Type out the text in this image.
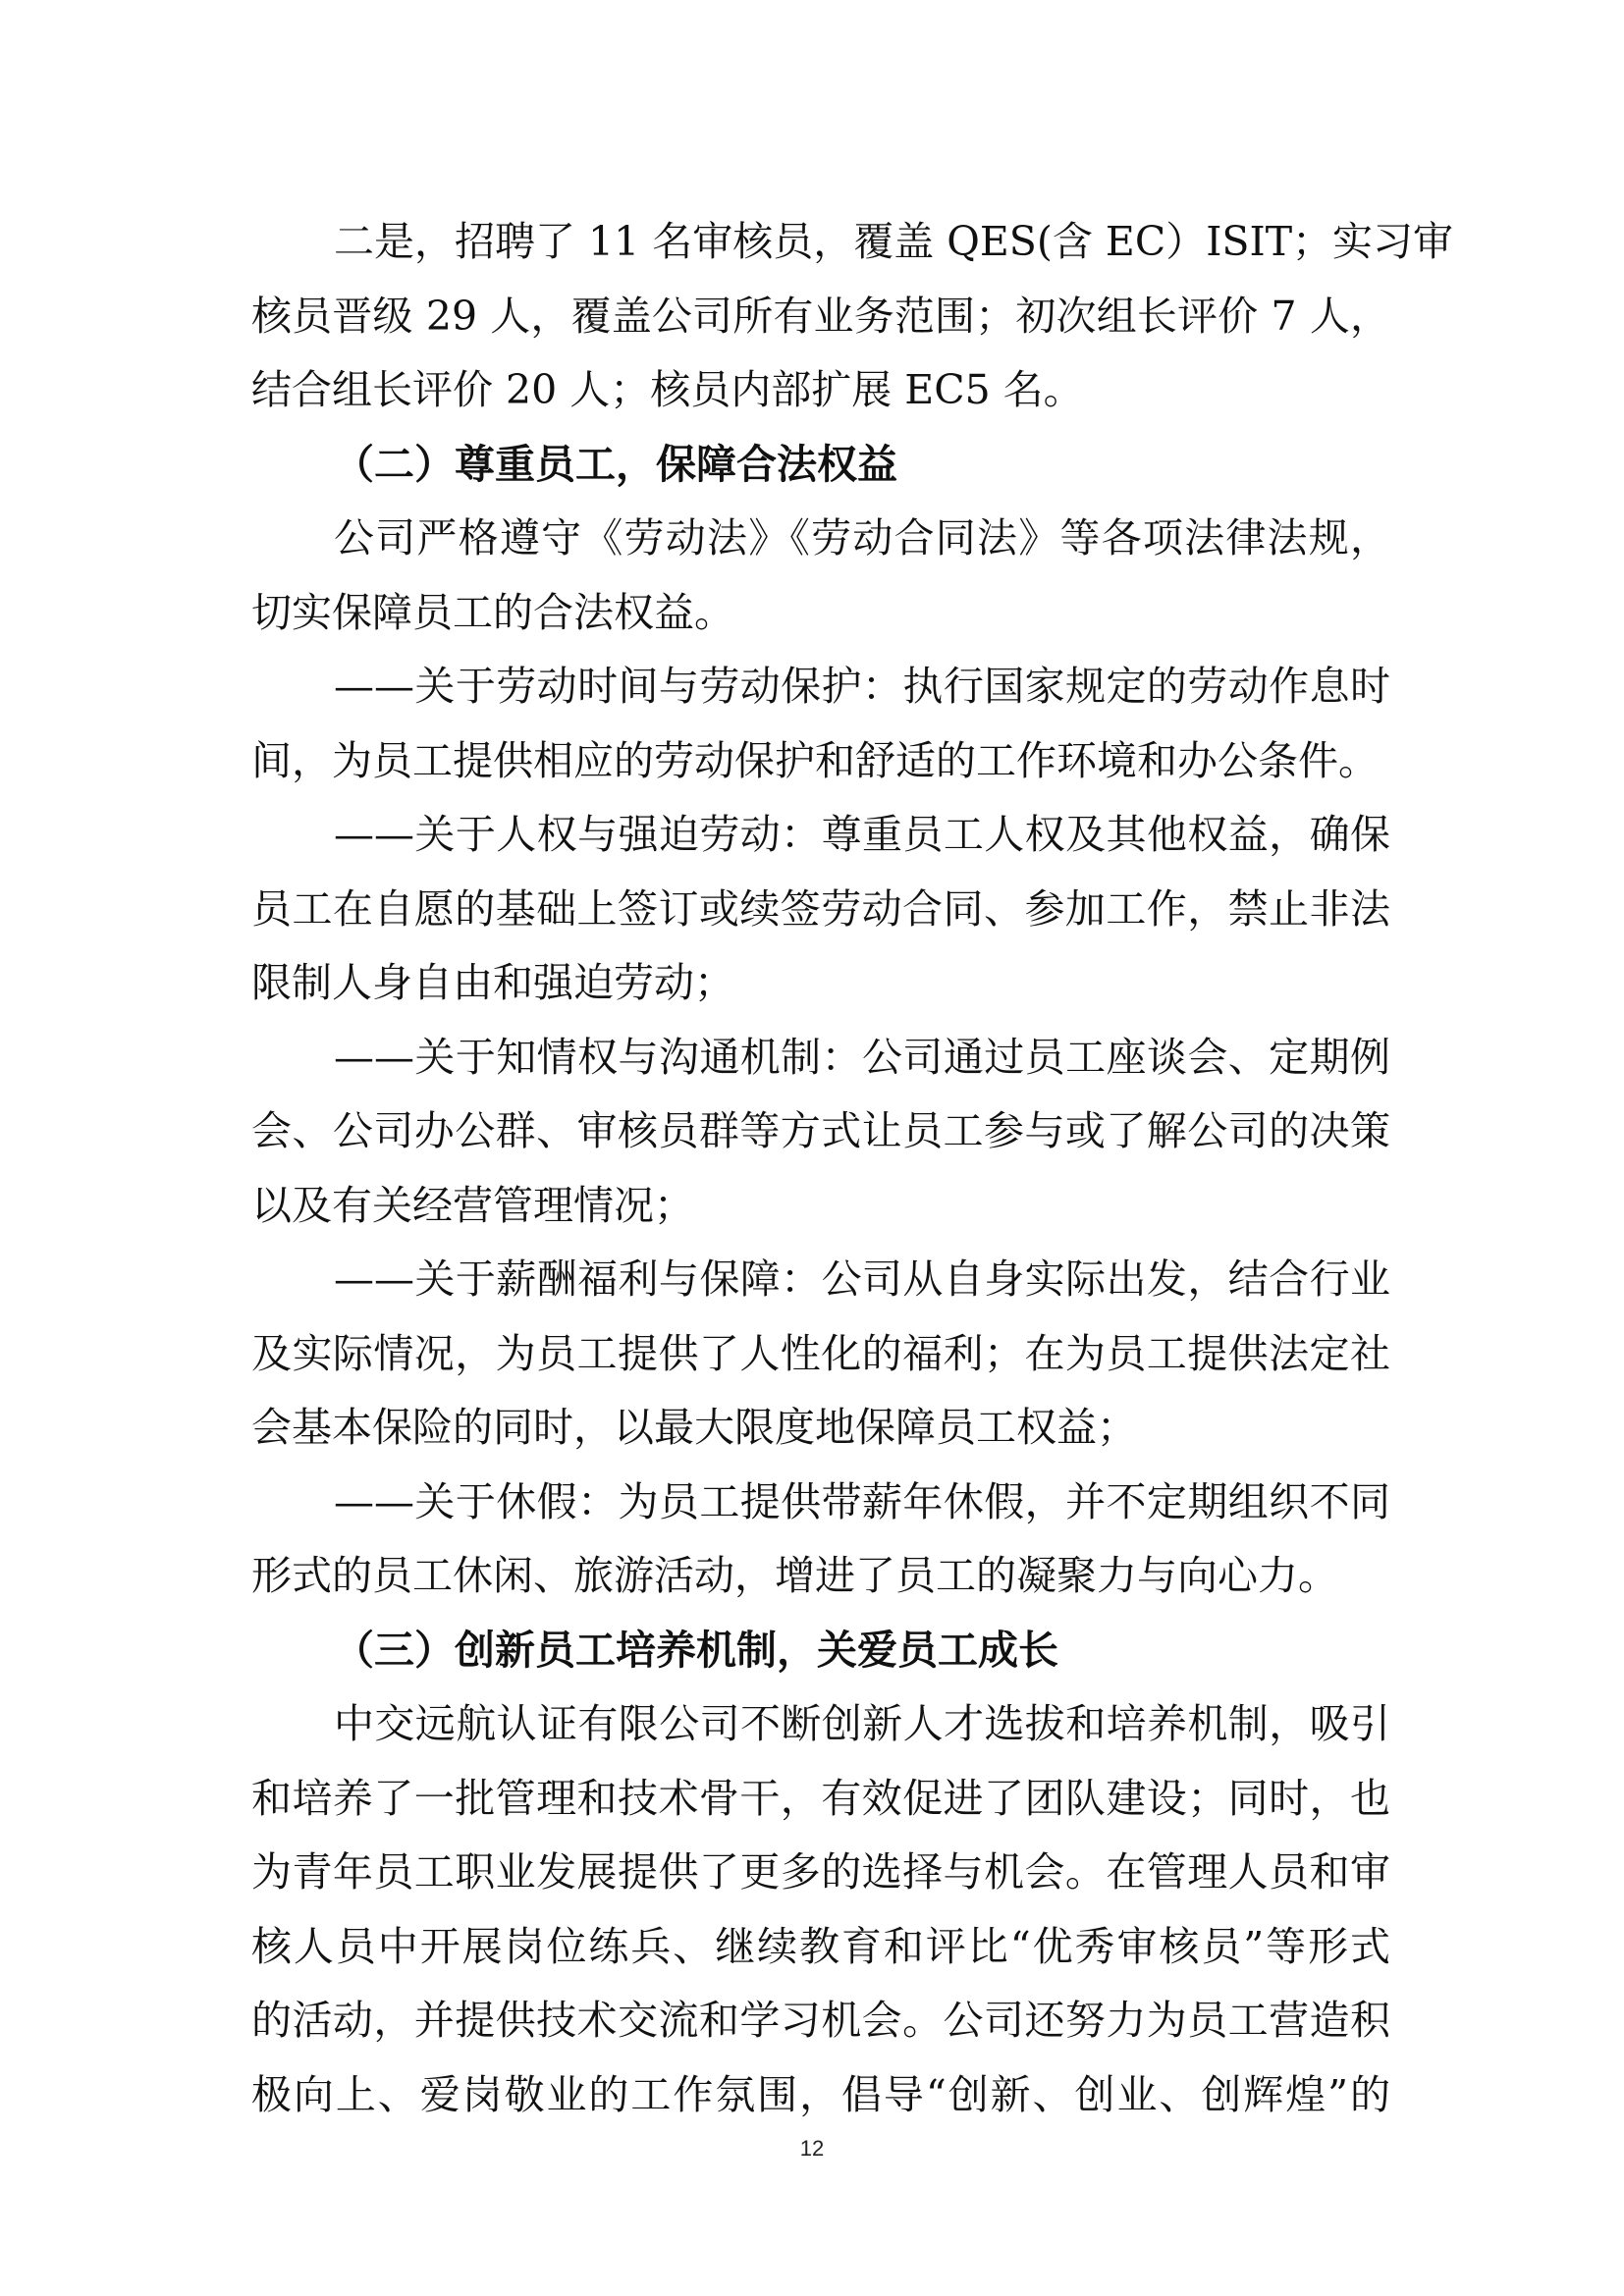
二是，招聘了 11 名审核员，覆盖 QES(含 EC）ISIT；实习审
核员晋级 29 人，覆盖公司所有业务范围；初次组长评价 7 人，
结合组长评价 20 人；核员内部扩展 EC5 名。
（二）尊重员工，保障合法权益
公司严格遵守《劳动法》《劳动合同法》等各项法律法规，
切实保障员工的合法权益。
——关于劳动时间与劳动保护：执行国家规定的劳动作息时
间，为员工提供相应的劳动保护和舒适的工作环境和办公条件。
——关于人权与强迫劳动：尊重员工人权及其他权益，确保
员工在自愿的基础上签订或续签劳动合同、参加工作，禁止非法
限制人身自由和强迫劳动；
——关于知情权与沟通机制：公司通过员工座谈会、定期例
会、公司办公群、审核员群等方式让员工参与或了解公司的决策
以及有关经营管理情况；
——关于薪酬福利与保障：公司从自身实际出发，结合行业
及实际情况，为员工提供了人性化的福利；在为员工提供法定社
会基本保险的同时，以最大限度地保障员工权益；
——关于休假：为员工提供带薪年休假，并不定期组织不同
形式的员工休闲、旅游活动，增进了员工的凝聚力与向心力。
（三）创新员工培养机制，关爱员工成长
中交远航认证有限公司不断创新人才选拔和培养机制，吸引
和培养了一批管理和技术骨干，有效促进了团队建设；同时，也
为青年员工职业发展提供了更多的选择与机会。在管理人员和审
核人员中开展岗位练兵、继续教育和评比“优秀审核员”等形式
的活动，并提供技术交流和学习机会。公司还努力为员工营造积
极向上、爱岗敬业的工作氛围，倡导“创新、创业、创辉煌”的
12
